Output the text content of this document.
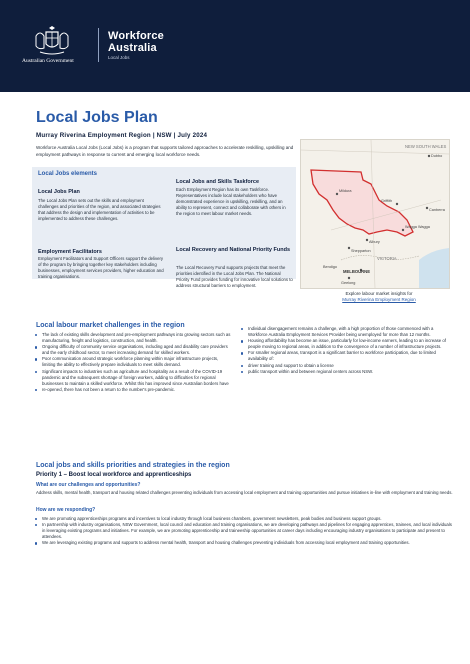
Australian Government
Workforce
Australia
Local Jobs
Local Jobs Plan
Murray Riverina Employment Region | NSW | July 2024

Workforce Australia Local Jobs (Local Jobs) is a program that supports tailored approaches to accelerate reskilling, upskilling and employment pathways in response to current and emerging local workforce needs.

Local Jobs elements
Local Jobs Plan

The Local Jobs Plan sets out the skills and employment challenges and priorities of the region, and associated strategies that address the design and implementation of activities to be implemented to address these challenges.

Employment Facilitators

Employment Facilitators and Support Officers support the delivery of the program by bringing together key stakeholders including businesses, employment services providers, higher education and training organisations.

Local Jobs and Skills Taskforce

Each Employment Region has its own Taskforce. Representatives include local stakeholders who have demonstrated experience in upskilling, reskilling, and an ability to represent, connect and collaborate with others in the region to meet labour market needs.

Local Recovery and National Priority Funds

The Local Recovery Fund supports projects that meet the priorities identified in the Local Jobs Plan. The National Priority Fund provides funding for innovative local solutions to address structural barriers to employment.

NEW SOUTH WALES
Dubbo
Canberra
Mildura
Griffith
Wagga Wagga
Albury
Shepparton
VICTORIA
Bendigo
MELBOURNE
Geelong
Explore labour market insights for
Murray Riverina Employment Region
Local labour market challenges in the region
The lack of existing skills development and pre-employment pathways into growing sectors such as manufacturing, freight and logistics, construction, and health.
Ongoing difficulty of community service organisations, including aged and disability care providers and the early childhood sector, to meet increasing demand for skilled workers.
Poor communication around strategic workforce planning within major infrastructure projects, limiting the ability to effectively prepare individuals to meet skills demand.
Significant impacts to industries such as agriculture and hospitality as a result of the COVID-19 pandemic and the subsequent shortage of foreign workers, adding to difficulties for regional businesses to maintain a skilled workforce. Whilst this has improved since Australian borders have
re-opened, there has not been a return to the number's pre-pandemic.
Individual disengagement remains a challenge, with a high proportion of those commenced with a Workforce Australia Employment Services Provider being unemployed for more than 12 months.
Housing affordability has become an issue, particularly for low-income earners, leading to an increase of people moving to regional areas, in addition to the convergence of a number of infrastructure projects.
For smaller regional areas, transport is a significant barrier to workforce participation, due to limited availability of:
driver training and support to obtain a license
public transport within and between regional centers across NSW.
Local jobs and skills priorities and strategies in the region
Priority 1 – Boost local workforce and apprenticeships
What are our challenges and opportunities?

Address skills, mental health, transport and housing related challenges preventing individuals from accessing local employment and training opportunities and pursue initiatives in-line with employment and training needs.

How are we responding?
We are promoting apprenticeships programs and incentives to local industry through local business chambers, government newsletters, peak bodies and business support groups.
In partnership with industry organisations, NSW Government, local council and education and training organisations, we are developing pathways and pipelines for engaging apprentices, trainees, and local individuals in leveraging existing programs and initiatives. For example, we are promoting apprenticeship and traineeship opportunities at career days including encouraging industry organisations to participate and present to attendees.
We are leveraging existing programs and supports to address mental health, transport and housing challenges preventing individuals from accessing local employment and training opportunities.
